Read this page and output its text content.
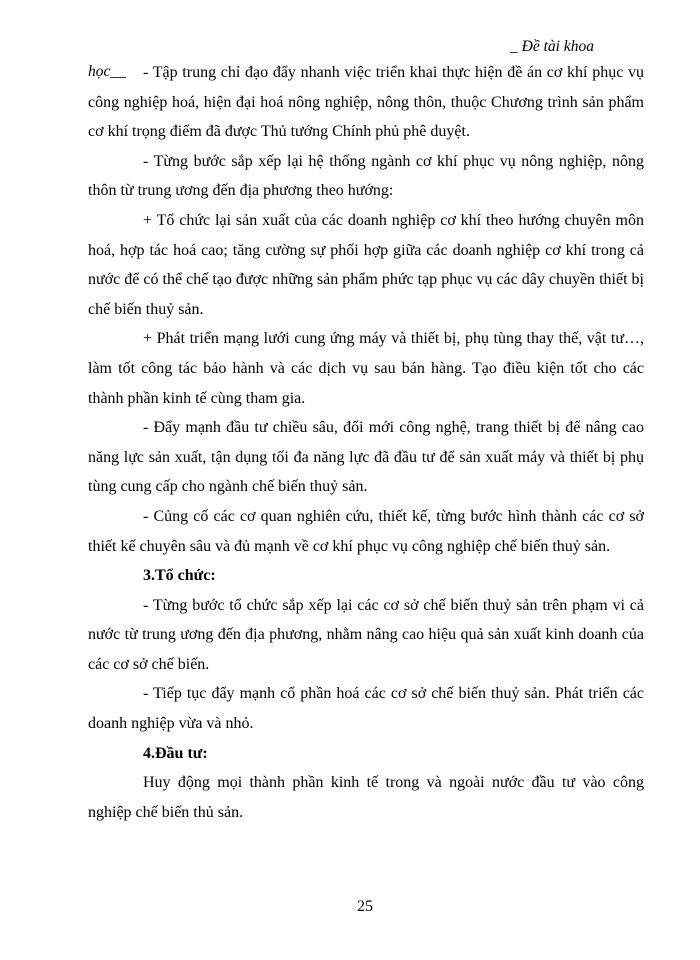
_ Đề tài khoa
học__	- Tập trung chỉ đạo đẩy nhanh việc triển khai thực hiện đề án cơ khí phục vụ công nghiệp hoá, hiện đại hoá nông nghiệp, nông thôn, thuộc Chương trình sản phẩm cơ khí trọng điểm đã được Thủ tướng Chính phủ phê duyệt.

- Từng bước sắp xếp lại hệ thống ngành cơ khí phục vụ nông nghiệp, nông thôn từ trung ương đến địa phương theo hướng:

+ Tổ chức lại sản xuất của các doanh nghiệp cơ khí theo hướng chuyên môn hoá, hợp tác hoá cao; tăng cường sự phối hợp giữa các doanh nghiệp cơ khí trong cả nước để có thể chế tạo được những sản phẩm phức tạp phục vụ các dây chuyền thiết bị chế biến thuỷ sản.

+ Phát triển mạng lưới cung ứng máy và thiết bị, phụ tùng thay thế, vật tư…, làm tốt công tác bảo hành và các dịch vụ sau bán hàng. Tạo điều kiện tốt cho các thành phần kinh tế cùng tham gia.

- Đẩy mạnh đầu tư chiều sâu, đổi mới công nghệ, trang thiết bị để nâng cao năng lực sản xuất, tận dụng tối đa năng lực đã đầu tư để sản xuất máy và thiết bị phụ tùng cung cấp cho ngành chế biến thuỷ sản.

- Củng cố các cơ quan nghiên cứu, thiết kế, từng bước hình thành các cơ sở thiết kế chuyên sâu và đủ mạnh về cơ khí phục vụ công nghiệp chế biến thuỷ sản.

3.Tổ chức:

- Từng bước tổ chức sắp xếp lại các cơ sở chế biến thuỷ sản trên phạm vi cả nước từ trung ương đến địa phương, nhằm nâng cao hiệu quả sản xuất kinh doanh của các cơ sở chế biến.

- Tiếp tục đẩy mạnh cổ phần hoá các cơ sở chế biến thuỷ sản. Phát triển các doanh nghiệp vừa và nhỏ.

4.Đầu tư:

Huy động mọi thành phần kinh tế trong và ngoài nước đầu tư vào công nghiệp chế biến thủ sản.

25
